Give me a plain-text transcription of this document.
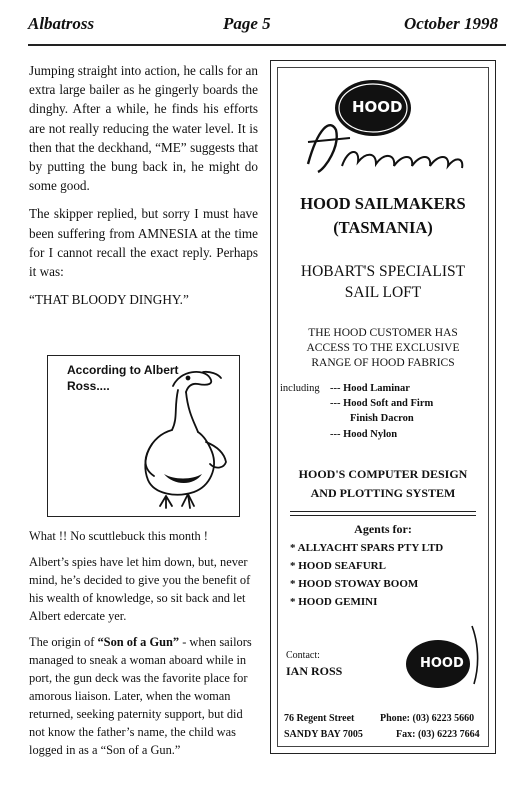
Albatross	Page 5	October 1998

Jumping straight into action, he calls for an extra large bailer as he gingerly boards the dinghy. After a while, he finds his efforts are not really reducing the water level. It is then that the deckhand, “ME” suggests that by putting the bung back in, he might do some good.

The skipper replied, but sorry I must have been suffering from AMNESIA at the time for I cannot recall the exact reply. Perhaps it was:

“THAT BLOODY DINGHY.”

According to Albert Ross....

What !! No scuttlebuck this month !

Albert’s spies have let him down, but, never mind, he’s decided to give you the benefit of his wealth of knowledge, so sit back and let Albert edercate yer.

The origin of “Son of a Gun” - when sailors managed to sneak a woman aboard while in port, the gun deck was the favorite place for amorous liaison. Later, when the woman returned, seeking paternity support, but did not know the father’s name, the child was logged in as a “Son of a Gun.”

HOOD
HOOD SAILMAKERS
(TASMANIA)
HOBART'S SPECIALIST
SAIL LOFT
THE HOOD CUSTOMER HAS
ACCESS TO THE EXCLUSIVE
RANGE OF HOOD FABRICS
including --- Hood Laminar
--- Hood Soft and Firm
Finish Dacron
--- Hood Nylon
HOOD'S COMPUTER DESIGN
AND PLOTTING SYSTEM
Agents for:
* ALLYACHT SPARS PTY LTD
* HOOD SEAFURL
* HOOD STOWAY BOOM
* HOOD GEMINI
HOOD
Contact:
IAN ROSS
76 Regent Street
SANDY BAY 7005
Phone: (03) 6223 5660
Fax: (03) 6223 7664
